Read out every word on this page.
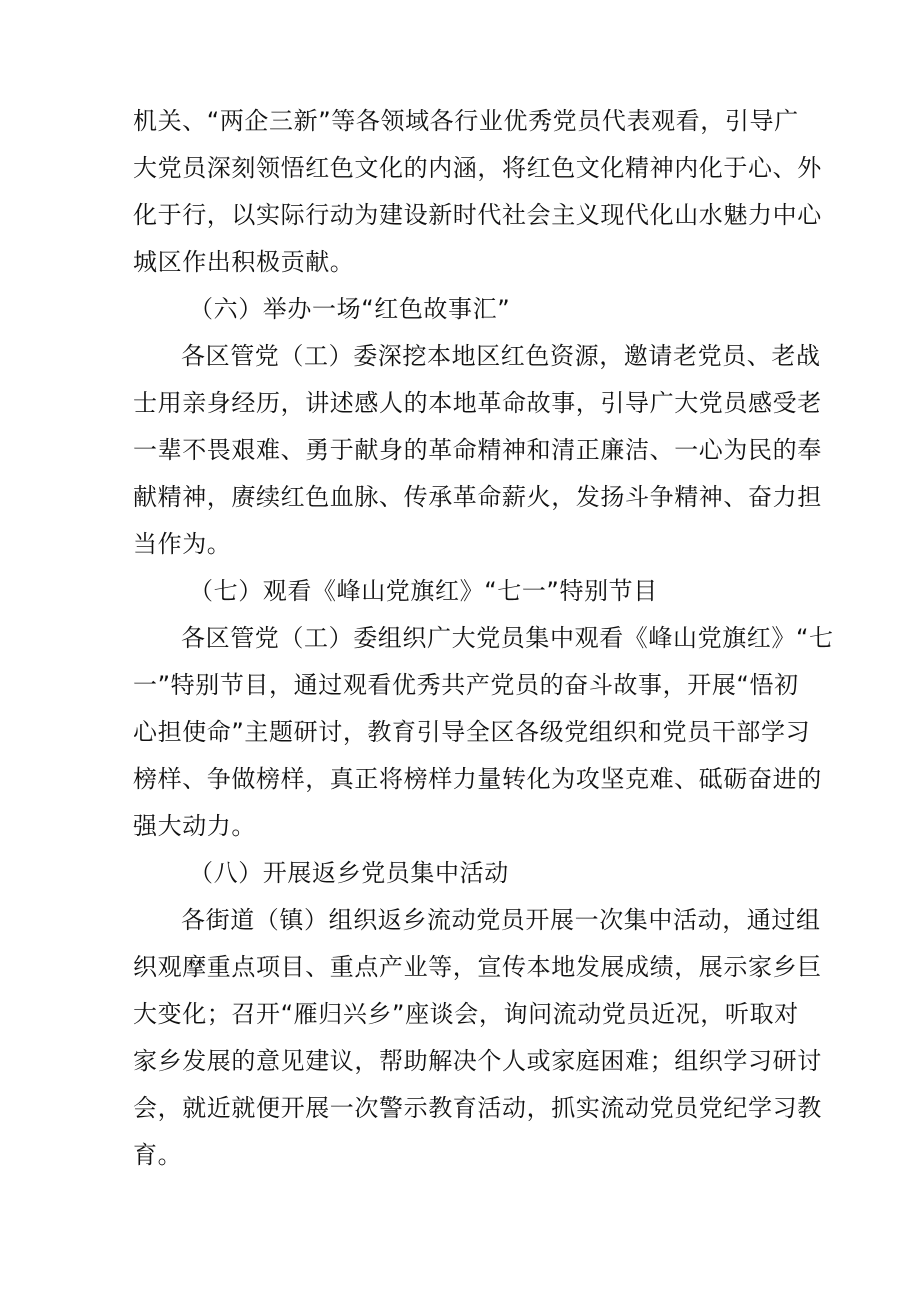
机关、“两企三新”等各领域各行业优秀党员代表观看，引导广
大党员深刻领悟红色文化的内涵，将红色文化精神内化于心、外
化于行，以实际行动为建设新时代社会主义现代化山水魅力中心
城区作出积极贡献。
（六）举办一场“红色故事汇”
各区管党（工）委深挖本地区红色资源，邀请老党员、老战
士用亲身经历，讲述感人的本地革命故事，引导广大党员感受老
一辈不畏艰难、勇于献身的革命精神和清正廉洁、一心为民的奉
献精神，赓续红色血脉、传承革命薪火，发扬斗争精神、奋力担
当作为。
（七）观看《峰山党旗红》“七一”特别节目
各区管党（工）委组织广大党员集中观看《峰山党旗红》“七
一”特别节目，通过观看优秀共产党员的奋斗故事，开展“悟初
心担使命”主题研讨，教育引导全区各级党组织和党员干部学习
榜样、争做榜样，真正将榜样力量转化为攻坚克难、砥砺奋进的
强大动力。
（八）开展返乡党员集中活动
各街道（镇）组织返乡流动党员开展一次集中活动，通过组
织观摩重点项目、重点产业等，宣传本地发展成绩，展示家乡巨
大变化；召开“雁归兴乡”座谈会，询问流动党员近况，听取对
家乡发展的意见建议，帮助解决个人或家庭困难；组织学习研讨
会，就近就便开展一次警示教育活动，抓实流动党员党纪学习教
育。
